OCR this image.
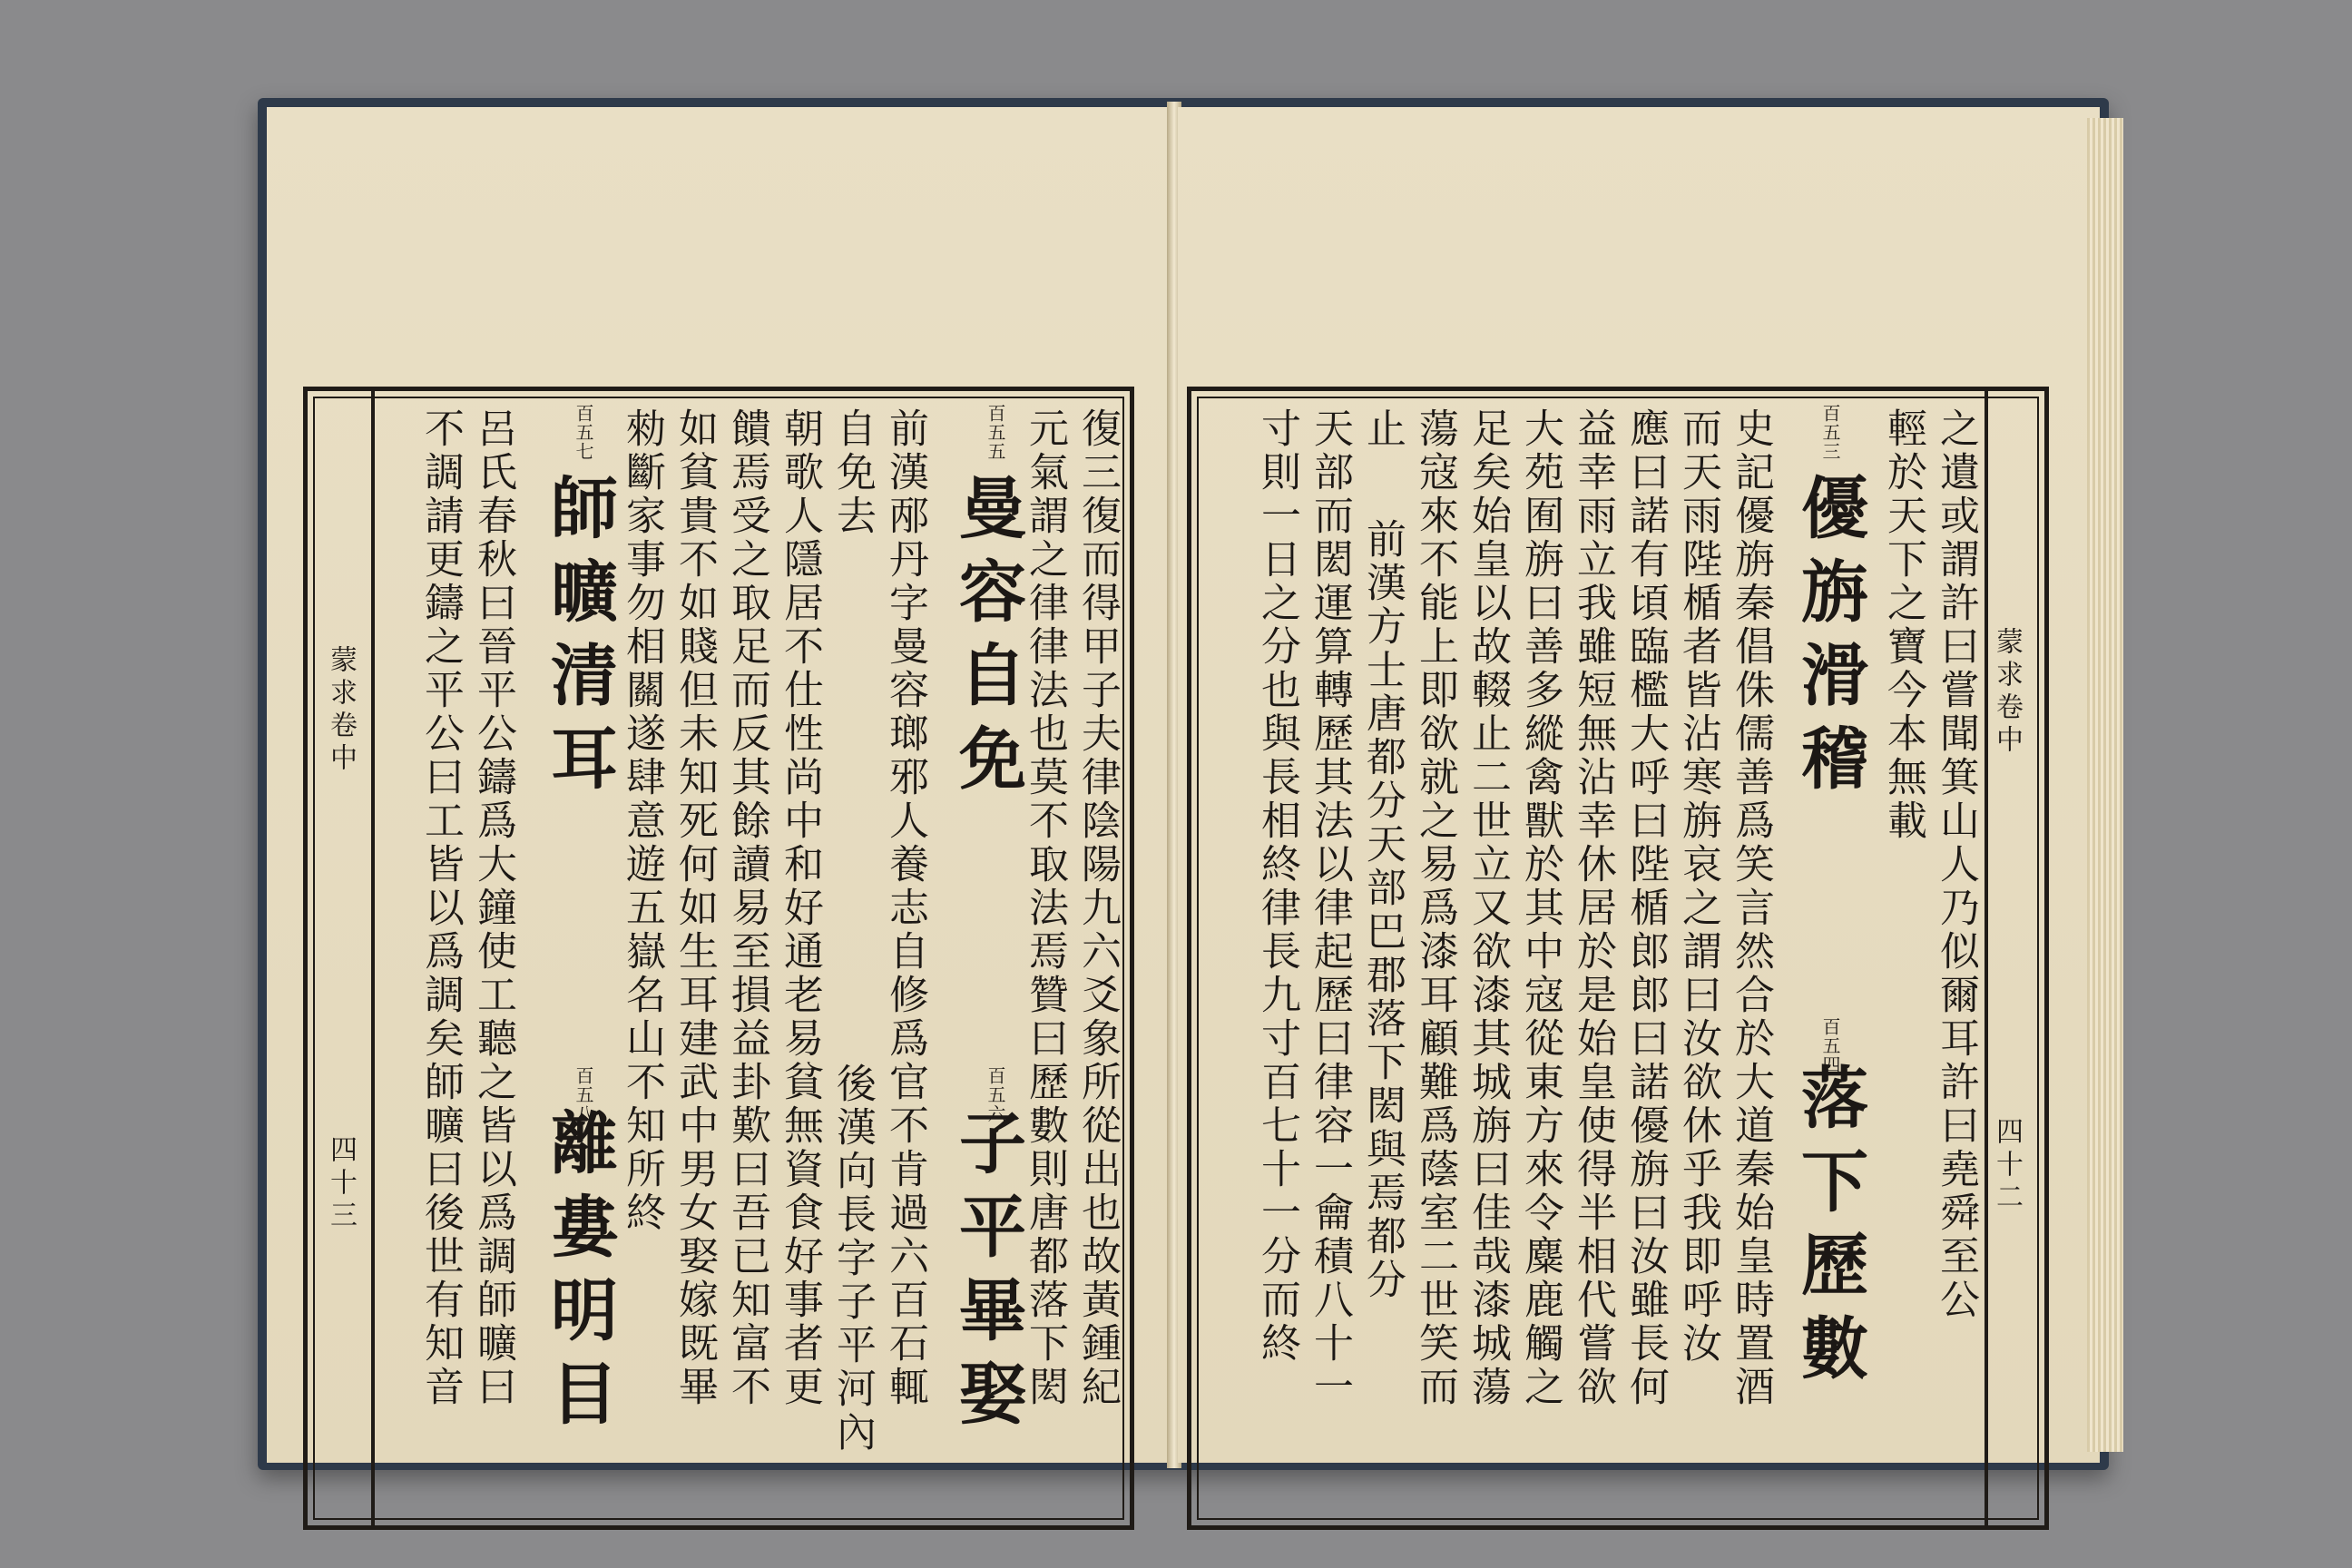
復三復而得甲子夫律陰陽九六爻象所從出也故黃鍾紀
元氣謂之律律法也莫不取法焉贊曰歷數則唐都落下閎
百五五
曼容自免
百五六
子平畢娶
前漢邴丹字曼容瑯邪人養志自修爲官不肯過六百石輒
自免去
後漢向長字子平河內
朝歌人隱居不仕性尚中和好通老易貧無資食好事者更
饋焉受之取足而反其餘讀易至損益卦歎曰吾已知富不
如貧貴不如賤但未知死何如生耳建武中男女娶嫁既畢
勑斷家事勿相關遂肆意遊五嶽名山不知所終
百五七
師曠清耳
百五八
離婁明目
呂氏春秋曰晉平公鑄爲大鐘使工聽之皆以爲調師曠曰
不調請更鑄之平公曰工皆以爲調矣師曠曰後世有知音
蒙求卷中
四十三
蒙求卷中
四十二
之遺或謂許曰嘗聞箕山人乃似爾耳許曰堯舜至公
輕於天下之寶今本無載
百五三
優旃滑稽
百五四
落下歷數
史記優旃秦倡侏儒善爲笑言然合於大道秦始皇時置酒
而天雨陛楯者皆沾寒旃哀之謂曰汝欲休乎我即呼汝
應曰諾有頃臨檻大呼曰陛楯郎郎曰諾優旃曰汝雖長何
益幸雨立我雖短無沾幸休居於是始皇使得半相代嘗欲
大苑囿旃曰善多縱禽獸於其中寇從東方來令麋鹿觸之
足矣始皇以故輟止二世立又欲漆其城旃曰佳哉漆城蕩
蕩寇來不能上即欲就之易爲漆耳顧難爲蔭室二世笑而
止
前漢方士唐都分天部巴郡落下閎與焉都分
天部而閎運算轉歷其法以律起歷曰律容一龠積八十一
寸則一日之分也與長相終律長九寸百七十一分而終
